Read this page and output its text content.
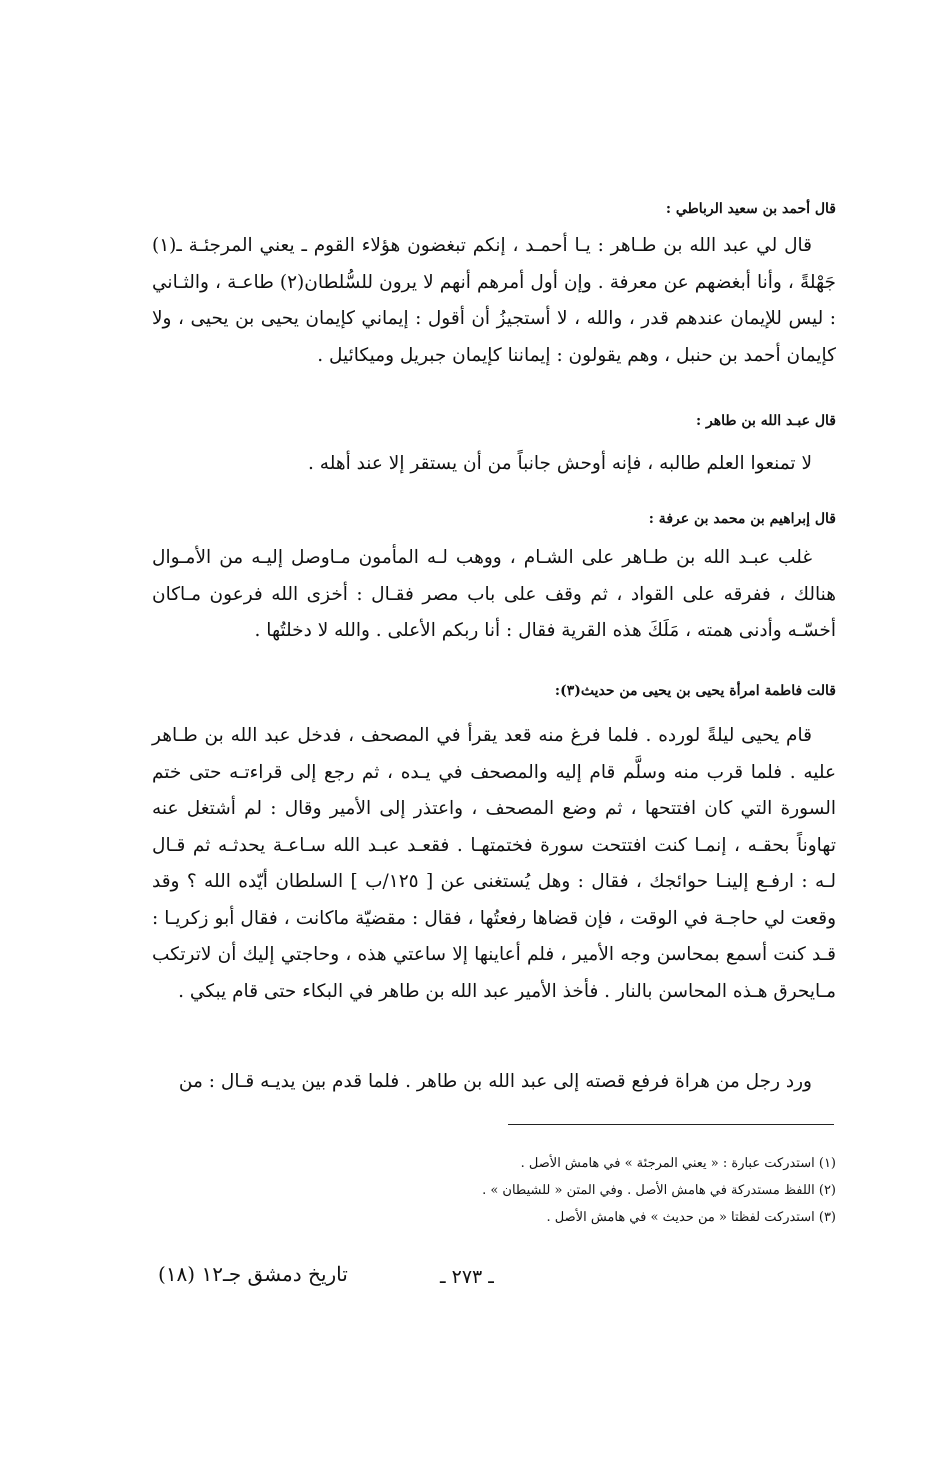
قال أحمد بن سعيد الرباطي :

قال لي عبد الله بن طـاهر : يـا أحمـد ، إنكم تبغضون هؤلاء القوم ـ يعني المرجئـة ـ(١) جَهْلةً ، وأنا أبغضهم عن معرفة . وإن أول أمرهم أنهم لا يرون للسُّلطان(٢) طاعـة ، والثـاني : ليس للإيمان عندهم قدر ، والله ، لا أستجيزُ أن أقول : إيماني كإيمان يحيى بن يحيى ، ولا كإيمان أحمد بن حنبل ، وهم يقولون : إيماننا كإيمان جبريل وميكائيل .

قال عبـد الله بن طاهر :

لا تمنعوا العلم طالبه ، فإنه أوحش جانباً من أن يستقر إلا عند أهله .

قال إبراهيم بن محمد بن عرفة :

غلب عبـد الله بن طـاهر على الشـام ، ووهب لـه المأمون مـاوصل إليـه من الأمـوال هنالك ، ففرقه على القواد ، ثم وقف على باب مصر فقـال : أخزى الله فرعون مـاكان أخسّـه وأدنى همته ، مَلَكَ هذه القرية فقال : أنا ربكم الأعلى . والله لا دخلتُها .

قالت فاطمة امرأة يحيى بن يحيى من حديث(٣):

قام يحيى ليلةً لورده . فلما فرغ منه قعد يقرأ في المصحف ، فدخل عبد الله بن طـاهر عليه . فلما قرب منه وسلَّم قام إليه والمصحف في يـده ، ثم رجع إلى قراءتـه حتى ختم السورة التي كان افتتحها ، ثم وضع المصحف ، واعتذر إلى الأمير وقال : لم أشتغل عنه تهاوناً بحقـه ، إنمـا كنت افتتحت سورة فختمتهـا . فقعـد عبـد الله سـاعـة يحدثـه ثم قـال لـه : ارفـع إلينـا حوائجك ، فقال : وهل يُستغنى عن [ ١٢٥/ب ] السلطان أيّده الله ؟ وقد وقعت لي حاجـة في الوقت ، فإن قضاها رفعتُها ، فقال : مقضيّة ماكانت ، فقال أبو زكريـا : قـد كنت أسمع بمحاسن وجه الأمير ، فلم أعاينها إلا ساعتي هذه ، وحاجتي إليك أن لاترتكب مـايحرق هـذه المحاسن بالنار . فأخذ الأمير عبد الله بن طاهر في البكاء حتى قام يبكي .

ورد رجل من هراة فرفع قصته إلى عبد الله بن طاهر . فلما قدم بين يديـه قـال : من

(١) استدركت عبارة : « يعني المرجئة » في هامش الأصل .
(٢) اللفظ مستدركة في هامش الأصل . وفي المتن « للشيطان » .
(٣) استدركت لفظتا « من حديث » في هامش الأصل .
تاريخ دمشق جـ١٢ (١٨)	ـ ٢٧٣ ـ
